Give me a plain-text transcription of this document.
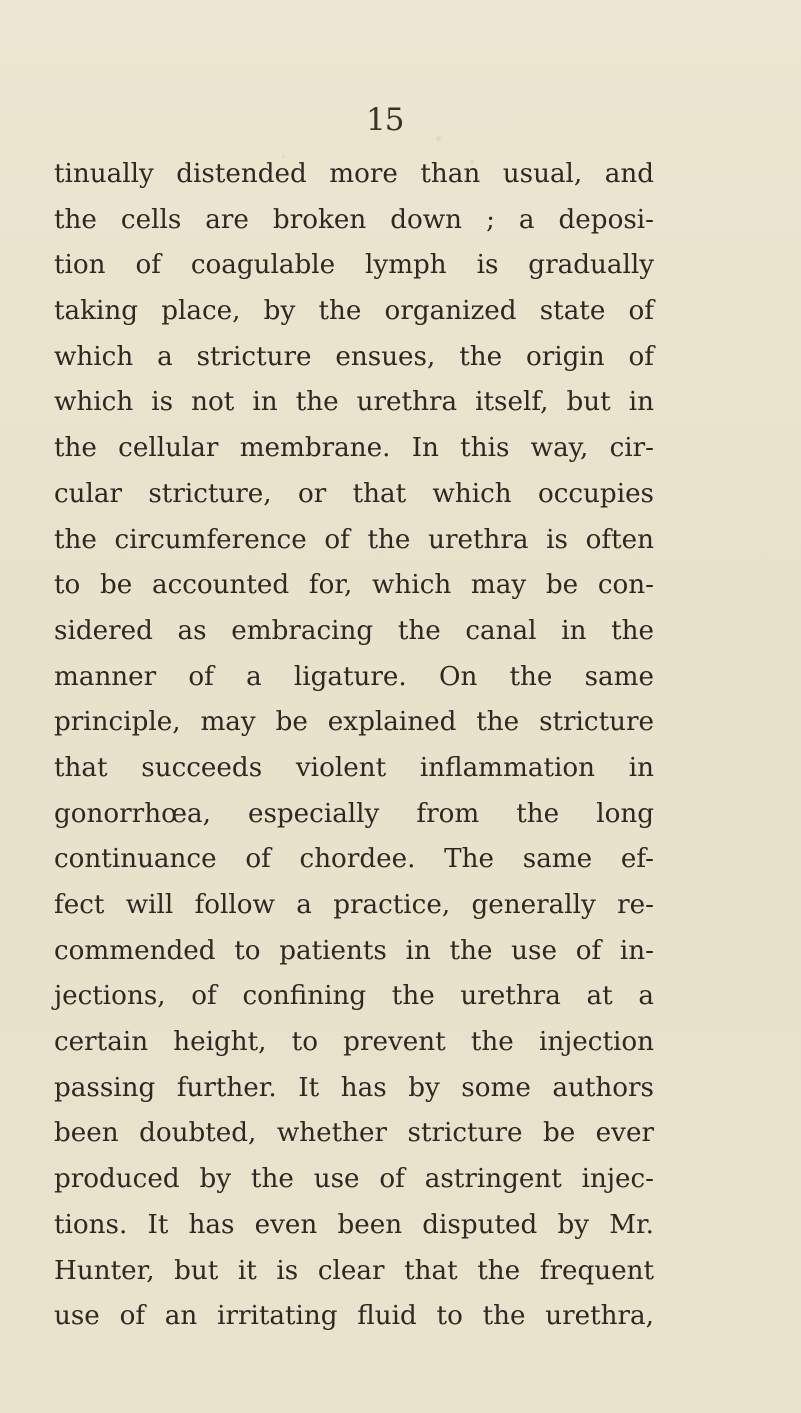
15
tinually distended more than usual, and
the cells are broken down ; a deposi-
tion of coagulable lymph is gradually
taking place, by the organized state of
which a stricture ensues, the origin of
which is not in the urethra itself, but in
the cellular membrane. In this way, cir-
cular stricture, or that which occupies
the circumference of the urethra is often
to be accounted for, which may be con-
sidered as embracing the canal in the
manner of a ligature. On the same
principle, may be explained the stricture
that succeeds violent inflammation in
gonorrhœa, especially from the long
continuance of chordee. The same ef-
fect will follow a practice, generally re-
commended to patients in the use of in-
jections, of confining the urethra at a
certain height, to prevent the injection
passing further. It has by some authors
been doubted, whether stricture be ever
produced by the use of astringent injec-
tions. It has even been disputed by Mr.
Hunter, but it is clear that the frequent
use of an irritating fluid to the urethra,
